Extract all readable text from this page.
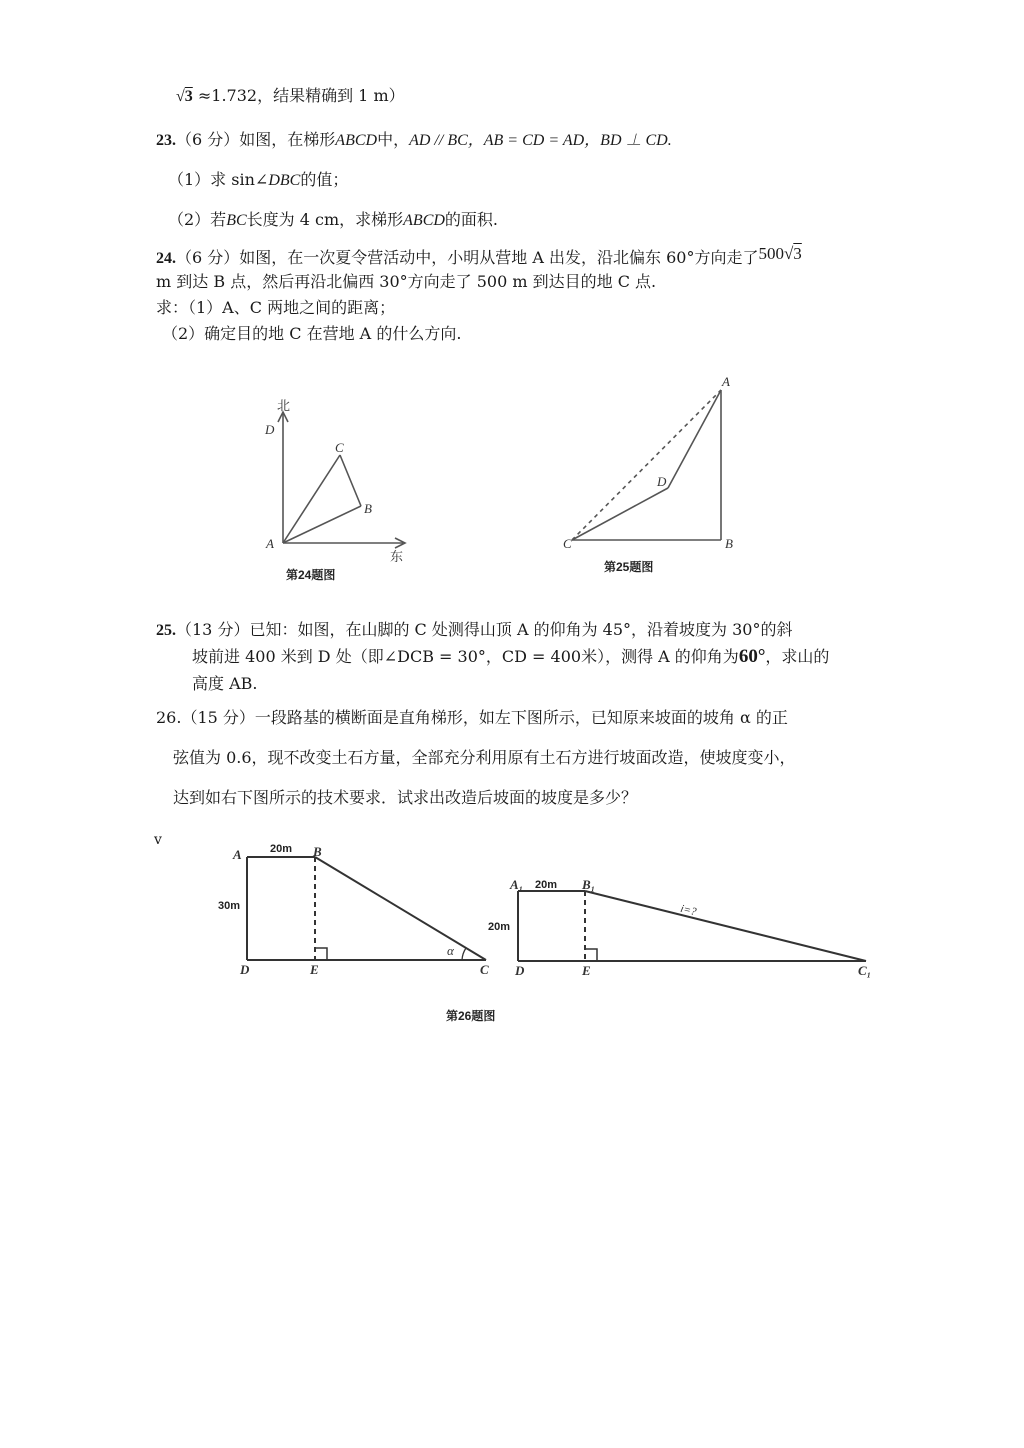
√3 ≈1.732，结果精确到 1 m）
23.（6 分）如图，在梯形ABCD中，AD // BC，AB = CD = AD，BD ⊥ CD.
（1）求 sin∠DBC的值；
（2）若BC长度为 4 cm，求梯形ABCD的面积.
24.（6 分）如图，在一次夏令营活动中，小明从营地 A 出发，沿北偏东 60°方向走了500√3
m 到达 B 点，然后再沿北偏西 30°方向走了 500 m 到达目的地 C 点.
求：（1）A、C 两地之间的距离；
（2）确定目的地 C 在营地 A 的什么方向.
25.（13 分）已知：如图，在山脚的 C 处测得山顶 A 的仰角为 45°，沿着坡度为 30°的斜
坡前进 400 米到 D 处（即∠DCB = 30°，CD = 400米），测得 A 的仰角为60°，求山的
高度 AB.
26.（15 分）一段路基的横断面是直角梯形，如左下图所示，已知原来坡面的坡角 α 的正
弦值为 0.6，现不改变土石方量，全部充分利用原有土石方进行坡面改造，使坡度变小，
达到如右下图所示的技术要求．试求出改造后坡面的坡度是多少？
v
北
D
C
B
A
东
第24题图
A
D
C	B
第25题图
20m
30m
A	B
D	E	C
α
20m
20m
A₁	B₁
D	E	C₁
i=?
第26题图
